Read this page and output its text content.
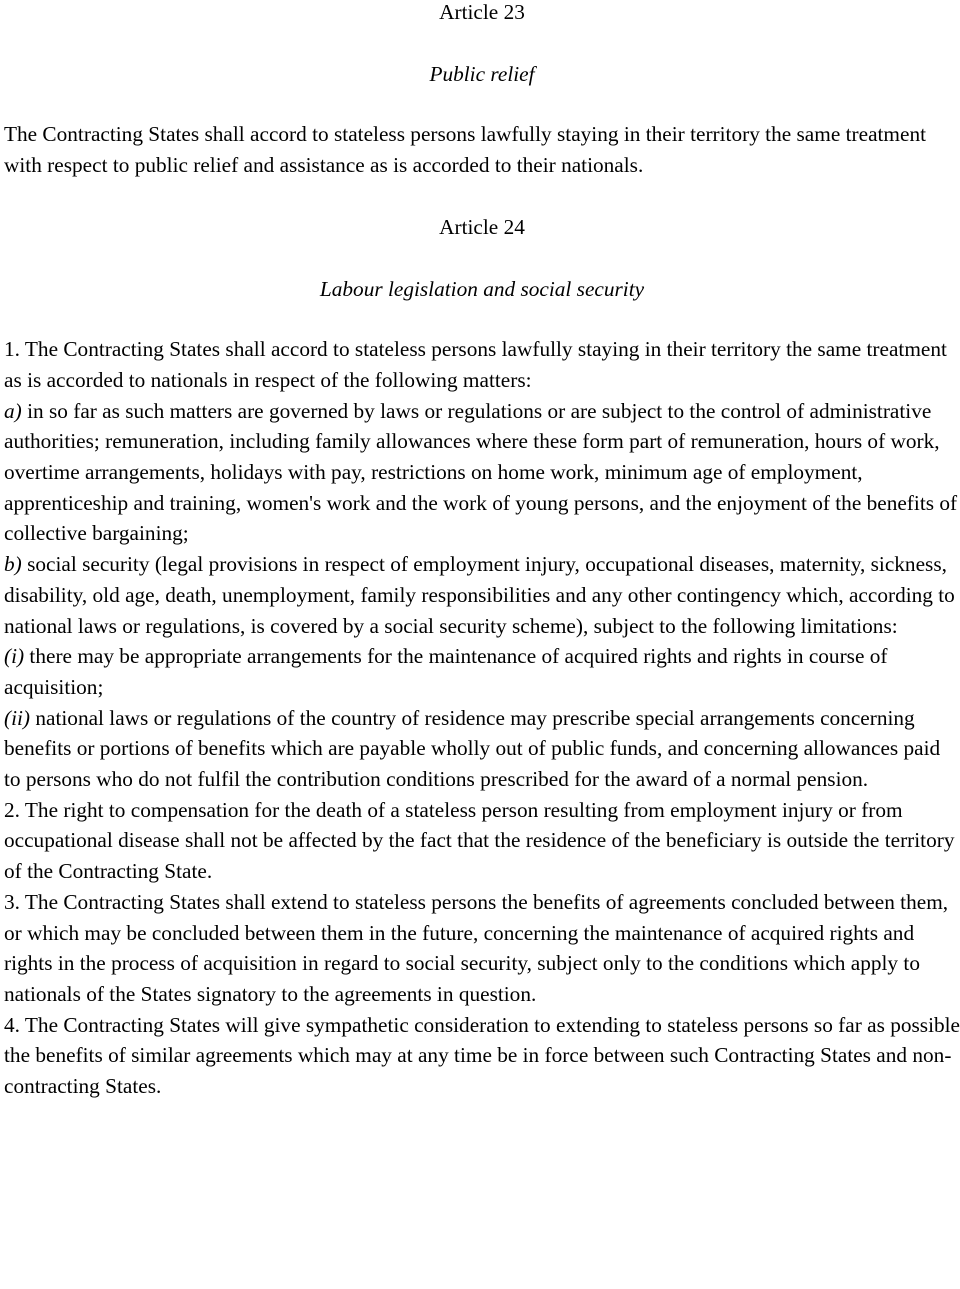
Article 23
Public relief

The Contracting States shall accord to stateless persons lawfully staying in their territory the same treatment with respect to public relief and assistance as is accorded to their nationals.

Article 24
Labour legislation and social security

1. The Contracting States shall accord to stateless persons lawfully staying in their territory the same treatment as is accorded to nationals in respect of the following matters:

a) in so far as such matters are governed by laws or regulations or are subject to the control of administrative authorities; remuneration, including family allowances where these form part of remuneration, hours of work, overtime arrangements, holidays with pay, restrictions on home work, minimum age of employment, apprenticeship and training, women's work and the work of young persons, and the enjoyment of the benefits of collective bargaining;

b) social security (legal provisions in respect of employment injury, occupational diseases, maternity, sickness, disability, old age, death, unemployment, family responsibilities and any other contingency which, according to national laws or regulations, is covered by a social security scheme), subject to the following limitations:

(i) there may be appropriate arrangements for the maintenance of acquired rights and rights in course of acquisition;

(ii) national laws or regulations of the country of residence may prescribe special arrangements concerning benefits or portions of benefits which are payable wholly out of public funds, and concerning allowances paid to persons who do not fulfil the contribution conditions prescribed for the award of a normal pension.

2. The right to compensation for the death of a stateless person resulting from employment injury or from occupational disease shall not be affected by the fact that the residence of the beneficiary is outside the territory of the Contracting State.

3. The Contracting States shall extend to stateless persons the benefits of agreements concluded between them, or which may be concluded between them in the future, concerning the maintenance of acquired rights and rights in the process of acquisition in regard to social security, subject only to the conditions which apply to nationals of the States signatory to the agreements in question.

4. The Contracting States will give sympathetic consideration to extending to stateless persons so far as possible the benefits of similar agreements which may at any time be in force between such Contracting States and non-contracting States.
